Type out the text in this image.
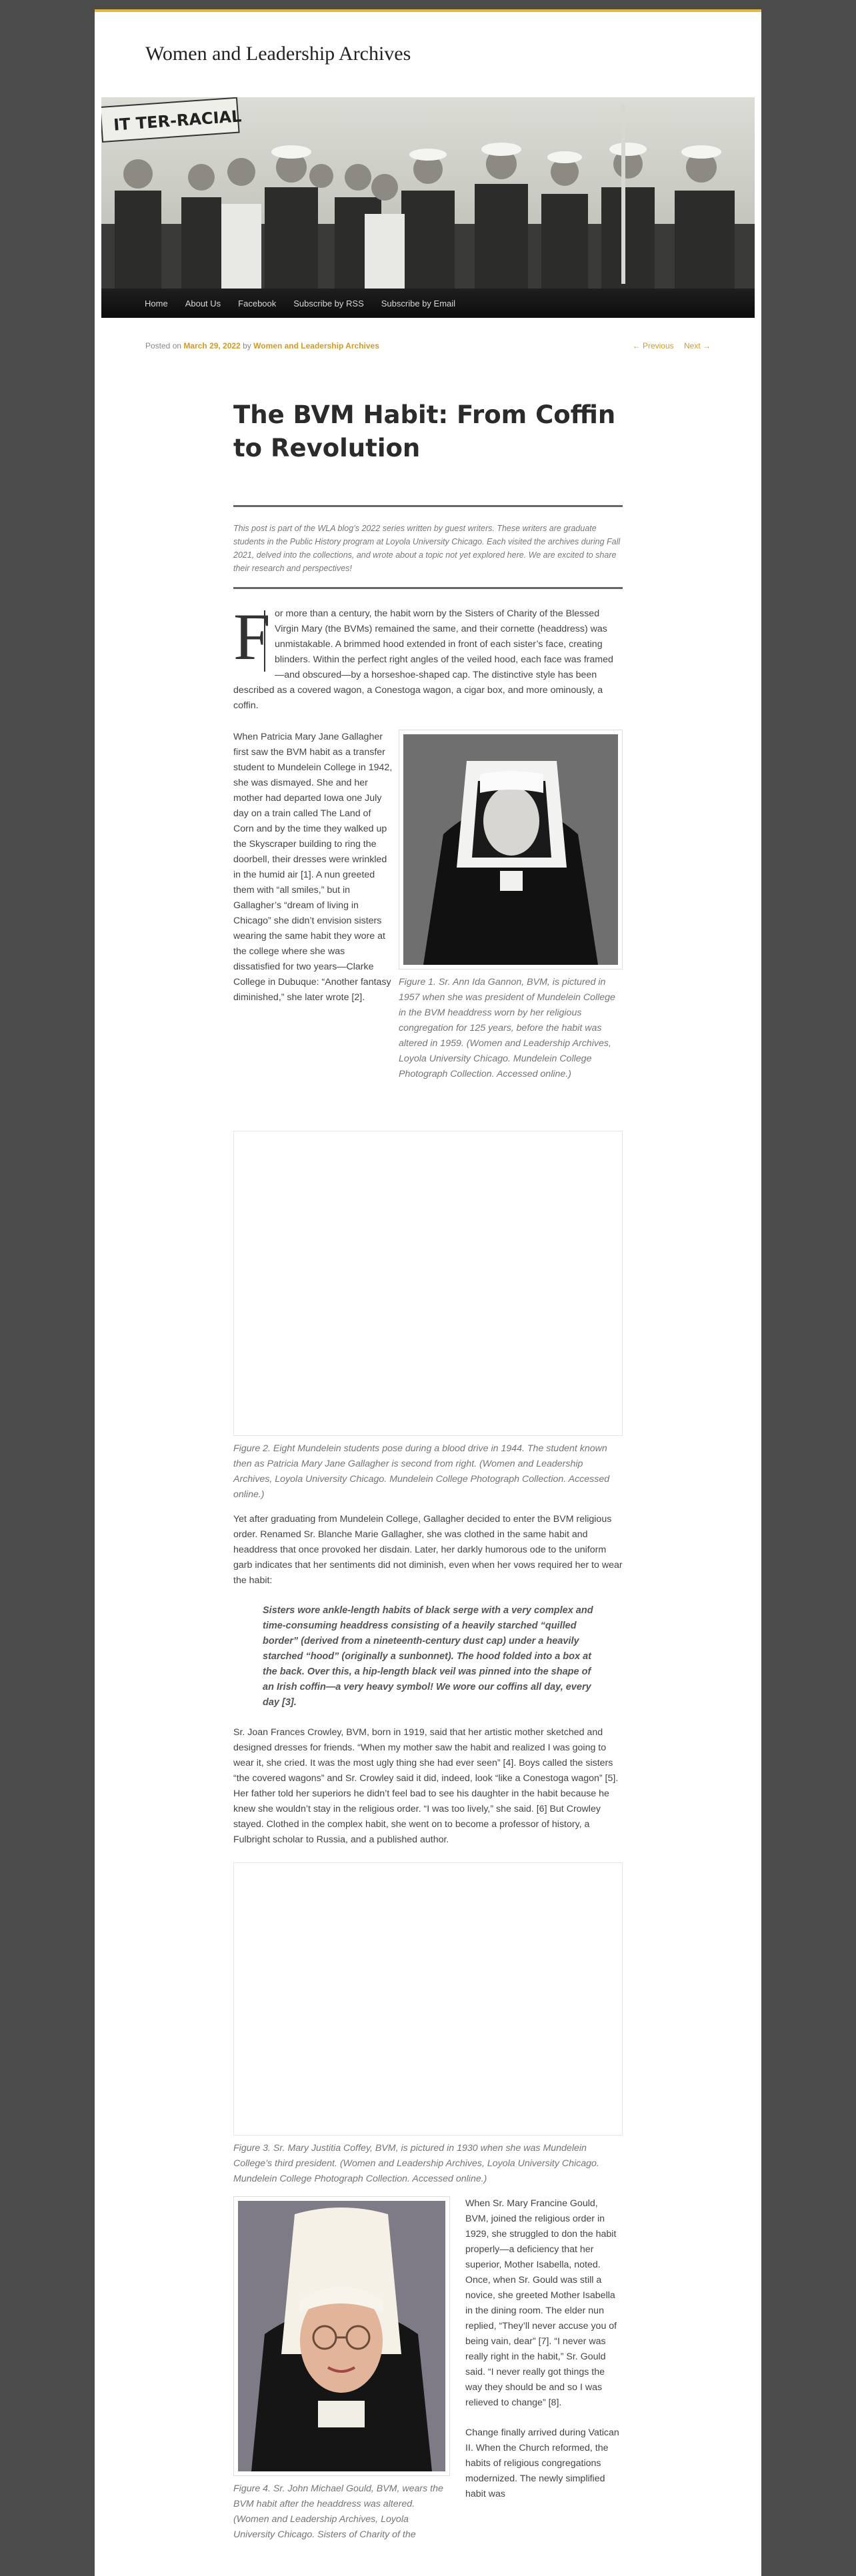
Women and Leadership Archives
IT TER-RACIAL
Home About Us Facebook Subscribe by RSS Subscribe by Email
Posted on March 29, 2022 by Women and Leadership Archives	← Previous Next →
The BVM Habit: From Coffin to Revolution
This post is part of the WLA blog’s 2022 series written by guest writers. These writers are graduate students in the Public History program at Loyola University Chicago. Each visited the archives during Fall 2021, delved into the collections, and wrote about a topic not yet explored here. We are excited to share their research and perspectives!

F or more than a century, the habit worn by the Sisters of Charity of the Blessed Virgin Mary (the BVMs) remained the same, and their cornette (headdress) was unmistakable. A brimmed hood extended in front of each sister’s face, creating blinders. Within the perfect right angles of the veiled hood, each face was framed—and obscured—by a horseshoe-shaped cap. The distinctive style has been described as a covered wagon, a Conestoga wagon, a cigar box, and more ominously, a coffin.

When Patricia Mary Jane Gallagher first saw the BVM habit as a transfer student to Mundelein College in 1942, she was dismayed. She and her mother had departed Iowa one July day on a train called The Land of Corn and by the time they walked up the Skyscraper building to ring the doorbell, their dresses were wrinkled in the humid air [1]. A nun greeted them with “all smiles,” but in Gallagher’s “dream of living in Chicago” she didn’t envision sisters wearing the same habit they wore at the college where she was dissatisfied for two years—Clarke College in Dubuque: “Another fantasy diminished,” she later wrote [2].

Figure 1. Sr. Ann Ida Gannon, BVM, is pictured in 1957 when she was president of Mundelein College in the BVM headdress worn by her religious congregation for 125 years, before the habit was altered in 1959. (Women and Leadership Archives, Loyola University Chicago. Mundelein College Photograph Collection. Accessed online.)

Figure 2. Eight Mundelein students pose during a blood drive in 1944. The student known then as Patricia Mary Jane Gallagher is second from right. (Women and Leadership Archives, Loyola University Chicago. Mundelein College Photograph Collection. Accessed online.)

Yet after graduating from Mundelein College, Gallagher decided to enter the BVM religious order. Renamed Sr. Blanche Marie Gallagher, she was clothed in the same habit and headdress that once provoked her disdain. Later, her darkly humorous ode to the uniform garb indicates that her sentiments did not diminish, even when her vows required her to wear the habit:

Sisters wore ankle-length habits of black serge with a very complex and time-consuming headdress consisting of a heavily starched “quilled border” (derived from a nineteenth-century dust cap) under a heavily starched “hood” (originally a sunbonnet). The hood folded into a box at the back. Over this, a hip-length black veil was pinned into the shape of an Irish coffin—a very heavy symbol! We wore our coffins all day, every day [3].

Sr. Joan Frances Crowley, BVM, born in 1919, said that her artistic mother sketched and designed dresses for friends. “When my mother saw the habit and realized I was going to wear it, she cried. It was the most ugly thing she had ever seen” [4]. Boys called the sisters “the covered wagons” and Sr. Crowley said it did, indeed, look “like a Conestoga wagon” [5]. Her father told her superiors he didn’t feel bad to see his daughter in the habit because he knew she wouldn’t stay in the religious order. “I was too lively,” she said. [6] But Crowley stayed. Clothed in the complex habit, she went on to become a professor of history, a Fulbright scholar to Russia, and a published author.

Figure 3. Sr. Mary Justitia Coffey, BVM, is pictured in 1930 when she was Mundelein College’s third president. (Women and Leadership Archives, Loyola University Chicago. Mundelein College Photograph Collection. Accessed online.)

Figure 4. Sr. John Michael Gould, BVM, wears the BVM habit after the headdress was altered. (Women and Leadership Archives, Loyola University Chicago. Sisters of Charity of the

When Sr. Mary Francine Gould, BVM, joined the religious order in 1929, she struggled to don the habit properly—a deficiency that her superior, Mother Isabella, noted. Once, when Sr. Gould was still a novice, she greeted Mother Isabella in the dining room. The elder nun replied, “They’ll never accuse you of being vain, dear” [7]. “I never was really right in the habit,” Sr. Gould said. “I never really got things the way they should be and so I was relieved to change” [8].

Change finally arrived during Vatican II. When the Church reformed, the habits of religious congregations modernized. The newly simplified habit was
